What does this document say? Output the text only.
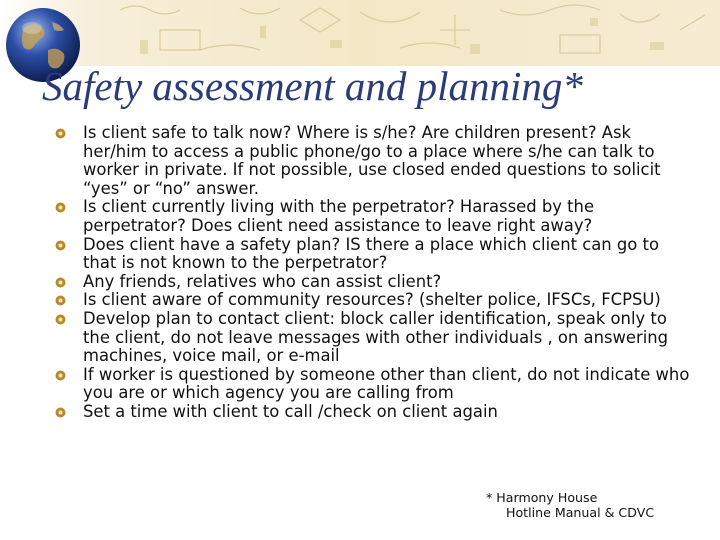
Safety assessment and planning*
Is client safe to talk now? Where is s/he? Are children present? Ask her/him to access a public phone/go to a place where s/he can talk to worker in private. If not possible, use closed ended questions to solicit “yes” or “no” answer.
Is client currently living with the perpetrator? Harassed by the perpetrator? Does client need assistance to leave right away?
Does client have a safety plan? IS there a place which client can go to that is not known to the perpetrator?
Any friends, relatives who can assist client?
Is client aware of community resources? (shelter police, IFSCs, FCPSU)
Develop plan to contact client: block caller identification, speak only to the client, do not leave messages with other individuals , on answering machines, voice mail, or e-mail
If worker is questioned by someone other than client, do not indicate who you are or which agency you are calling from
Set a time with client to call /check on client again
* Harmony House
Hotline Manual & CDVC
